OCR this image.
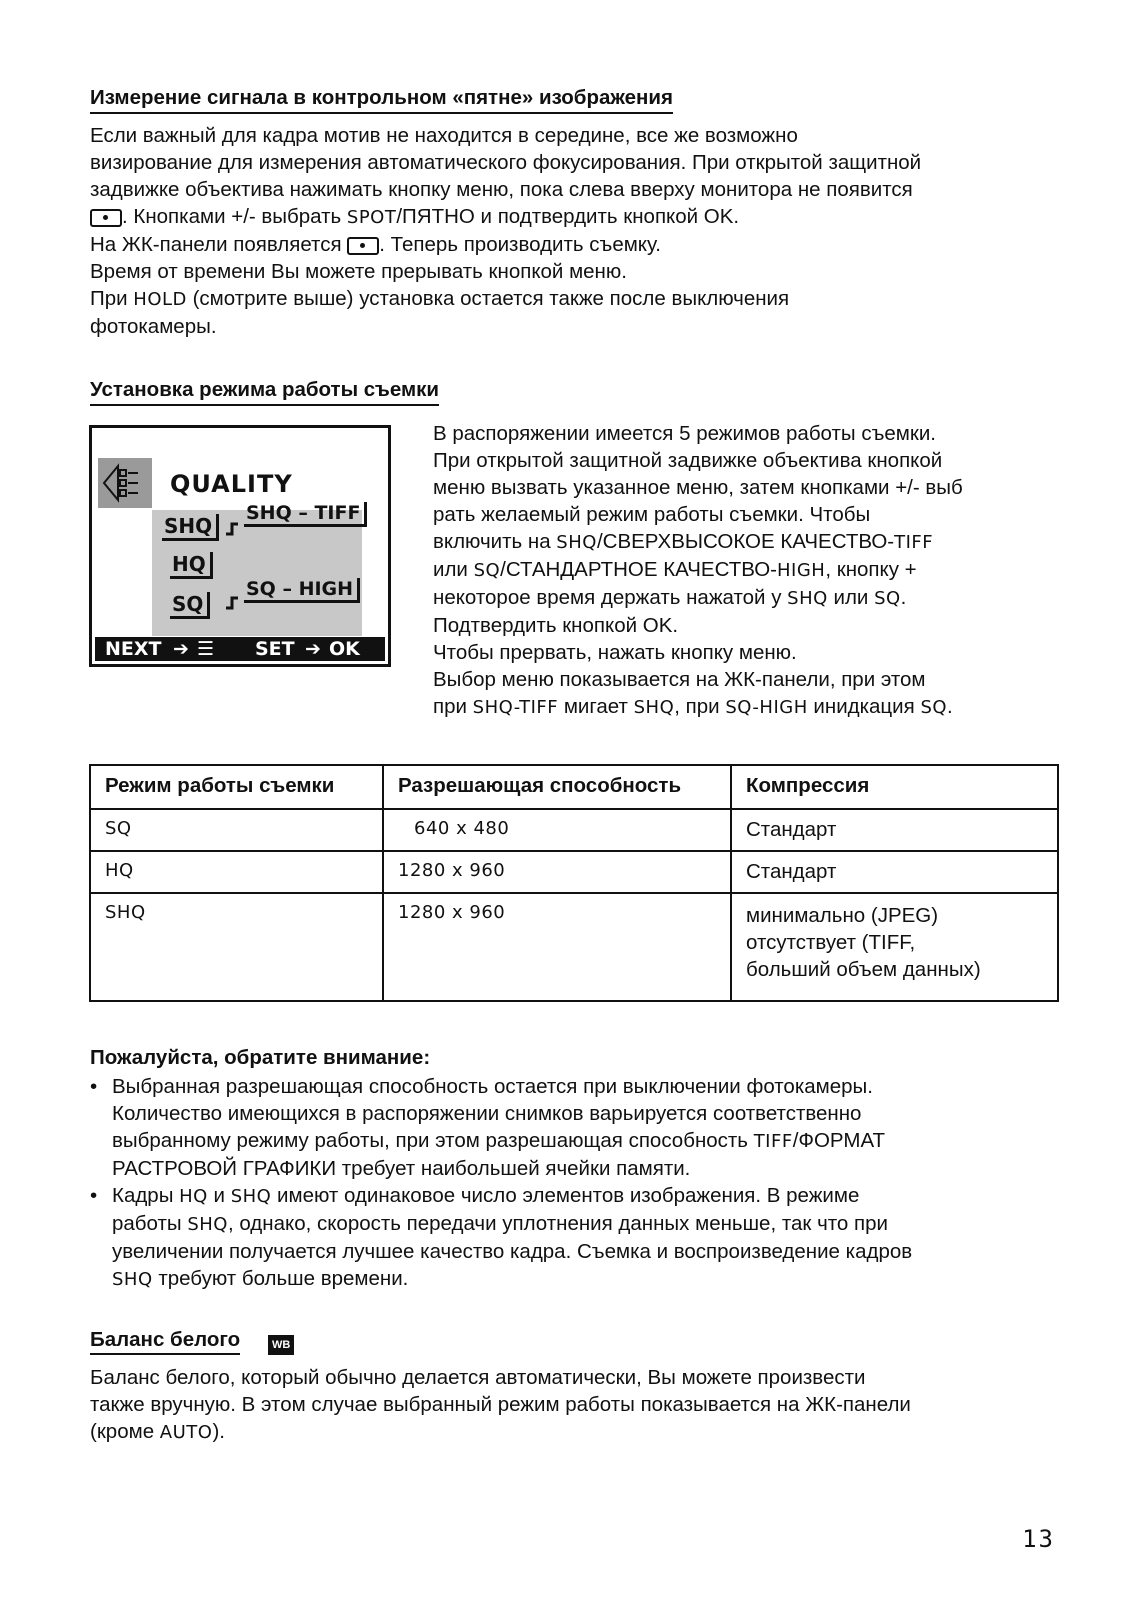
Измерение сигнала в контрольном «пятне» изображения

Если важный для кадра мотив не находится в середине, все же возможно

визирование для измерения автоматического фокусирования. При открытой защитной

задвижке объектива нажимать кнопку меню, пока слева вверху монитора не появится

. Кнопками +/- выбрать SPOT/ПЯТНО и подтвердить кнопкой OK.

На ЖК-панели появляется . Теперь производить съемку.

Время от времени Вы можете прерывать кнопкой меню.

При HOLD (смотрите выше) установка остается также после выключения

фотокамеры.

Установка режима работы съемки
QUALITY
SHQ
SHQ – TIFF
HQ
SQ
SQ – HIGH
NEXT ➔ ☰ SET ➔ OK

В распоряжении имеется 5 режимов работы съемки.

При открытой защитной задвижке объектива кнопкой

меню вызвать указанное меню, затем кнопками +/- выб

рать желаемый режим работы съемки. Чтобы

включить на SHQ/СВЕРХВЫСОКОЕ КАЧЕСТВО-TIFF

или SQ/СТАНДАРТНОЕ КАЧЕСТВО-HIGH, кнопку +

некоторое время держать нажатой у SHQ или SQ.

Подтвердить кнопкой OK.

Чтобы прервать, нажать кнопку меню.

Выбор меню показывается на ЖК-панели, при этом

при SHQ-TIFF мигает SHQ, при SQ-HIGH инидкация SQ.

Режим работы съемки	Разрешающая способность	Компрессия
SQ	640 x 480	Стандарт
HQ	1280 x 960	Стандарт
SHQ	1280 x 960	минимально (JPEG)
отсутствует (TIFF,
больший объем данных)
Пожалуйста, обратите внимание:
• Выбранная разрешающая способность остается при выключении фотокамеры.
Количество имеющихся в распоряжении снимков варьируется соответственно
выбранному режиму работы, при этом разрешающая способность TIFF/ФОРМАТ
РАСТРОВОЙ ГРАФИКИ требует наибольшей ячейки памяти.
• Кадры HQ и SHQ имеют одинаковое число элементов изображения. В режиме
работы SHQ, однако, скорость передачи уплотнения данных меньше, так что при
увеличении получается лучшее качество кадра. Съемка и воспроизведение кадров
SHQ требуют больше времени.
Баланс белого	WB

Баланс белого, который обычно делается автоматически, Вы можете произвести

также вручную. В этом случае выбранный режим работы показывается на ЖК-панели

(кроме AUTO).

13
